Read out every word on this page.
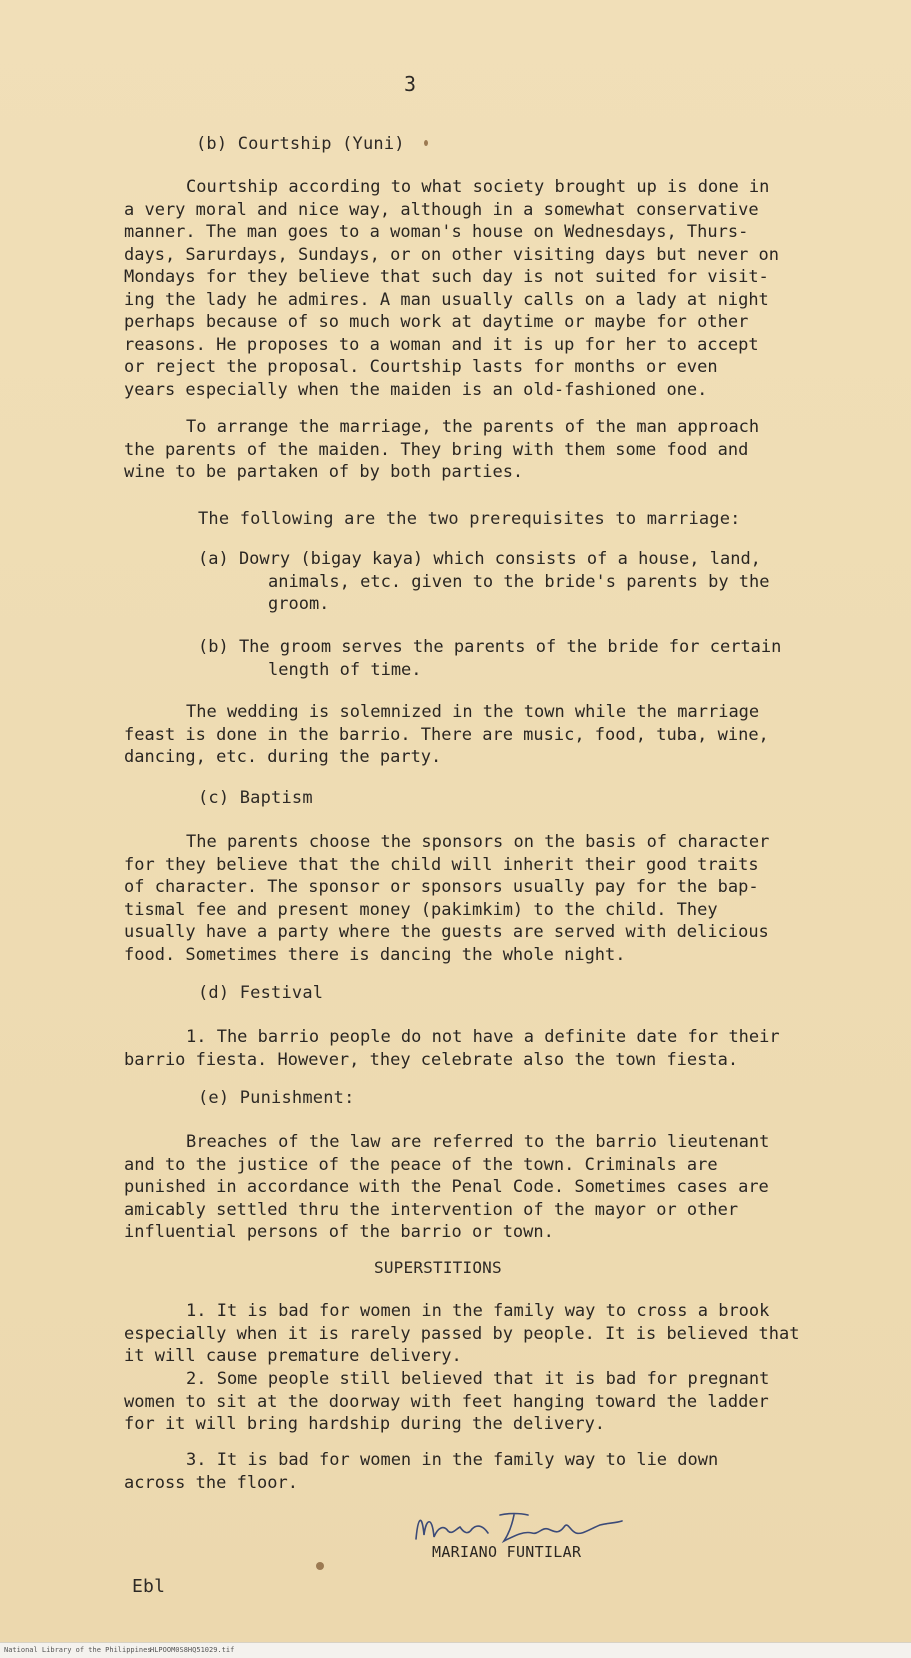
3
(b) Courtship (Yuni)
Courtship according to what society brought up is done in
a very moral and nice way, although in a somewhat conservative
manner. The man goes to a woman's house on Wednesdays, Thurs-
days, Sarurdays, Sundays, or on other visiting days but never on
Mondays for they believe that such day is not suited for visit-
ing the lady he admires. A man usually calls on a lady at night
perhaps because of so much work at daytime or maybe for other
reasons. He proposes to a woman and it is up for her to accept
or reject the proposal. Courtship lasts for months or even
years especially when the maiden is an old-fashioned one.
To arrange the marriage, the parents of the man approach
the parents of the maiden. They bring with them some food and
wine to be partaken of by both parties.
The following are the two prerequisites to marriage:
(a) Dowry (bigay kaya) which consists of a house, land,
animals, etc. given to the bride's parents by the
groom.
(b) The groom serves the parents of the bride for certain
length of time.
The wedding is solemnized in the town while the marriage
feast is done in the barrio. There are music, food, tuba, wine,
dancing, etc. during the party.
(c) Baptism
The parents choose the sponsors on the basis of character
for they believe that the child will inherit their good traits
of character. The sponsor or sponsors usually pay for the bap-
tismal fee and present money (pakimkim) to the child. They
usually have a party where the guests are served with delicious
food. Sometimes there is dancing the whole night.
(d) Festival
1. The barrio people do not have a definite date for their
barrio fiesta. However, they celebrate also the town fiesta.
(e) Punishment:
Breaches of the law are referred to the barrio lieutenant
and to the justice of the peace of the town. Criminals are
punished in accordance with the Penal Code. Sometimes cases are
amicably settled thru the intervention of the mayor or other
influential persons of the barrio or town.
SUPERSTITIONS
1. It is bad for women in the family way to cross a brook
especially when it is rarely passed by people. It is believed that
it will cause premature delivery.
2. Some people still believed that it is bad for pregnant
women to sit at the doorway with feet hanging toward the ladder
for it will bring hardship during the delivery.
3. It is bad for women in the family way to lie down
across the floor.
MARIANO FUNTILAR
Ebl
National Library of the Philippines
HLPOOM0S8HQ51029.tif
